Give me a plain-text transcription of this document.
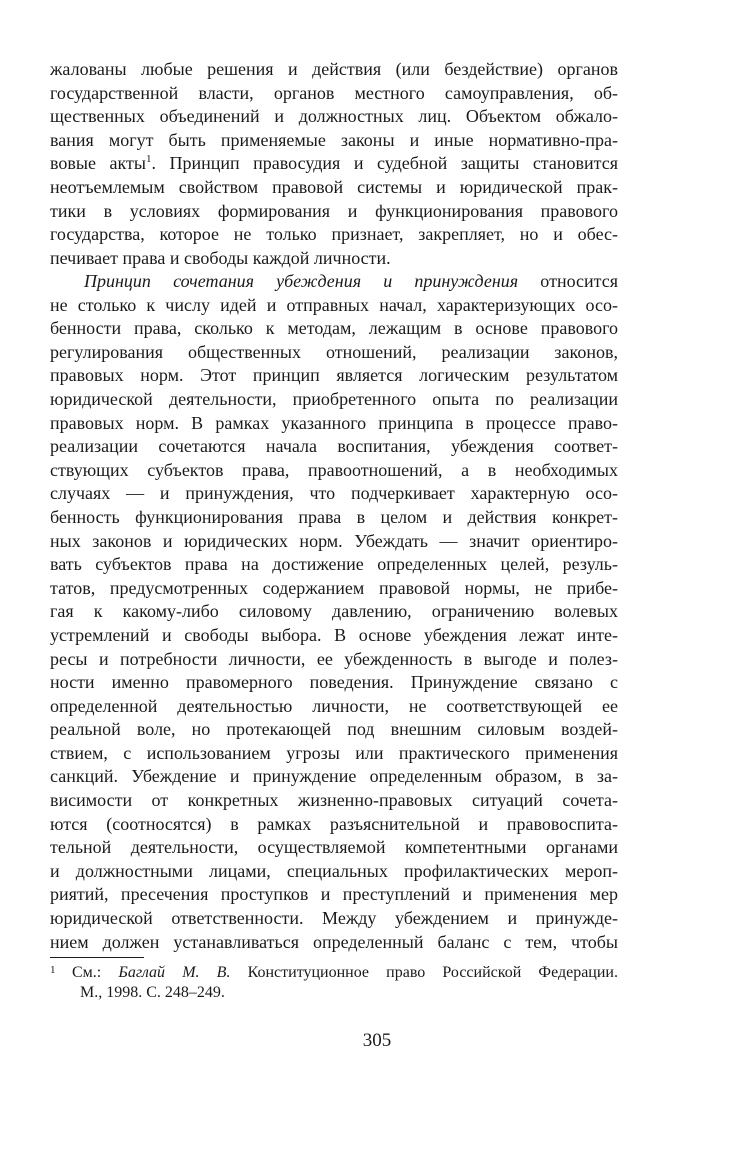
жалованы любые решения и действия (или бездействие) органов
государственной власти, органов местного самоуправления, об-
щественных объединений и должностных лиц. Объектом обжало-
вания могут быть применяемые законы и иные нормативно-пра-
вовые акты$^1$. Принцип правосудия и судебной защиты становится
неотъемлемым свойством правовой системы и юридической прак-
тики в условиях формирования и функционирования правового
государства, которое не только признает, закрепляет, но и обес-
печивает права и свободы каждой личности.
Принцип сочетания убеждения и принуждения относится
не столько к числу идей и отправных начал, характеризующих осо-
бенности права, сколько к методам, лежащим в основе правового
регулирования общественных отношений, реализации законов,
правовых норм. Этот принцип является логическим результатом
юридической деятельности, приобретенного опыта по реализации
правовых норм. В рамках указанного принципа в процессе право-
реализации сочетаются начала воспитания, убеждения соответ-
ствующих субъектов права, правоотношений, а в необходимых
случаях — и принуждения, что подчеркивает характерную осо-
бенность функционирования права в целом и действия конкрет-
ных законов и юридических норм. Убеждать — значит ориентиро-
вать субъектов права на достижение определенных целей, резуль-
татов, предусмотренных содержанием правовой нормы, не прибе-
гая к какому-либо силовому давлению, ограничению волевых
устремлений и свободы выбора. В основе убеждения лежат инте-
ресы и потребности личности, ее убежденность в выгоде и полез-
ности именно правомерного поведения. Принуждение связано с
определенной деятельностью личности, не соответствующей ее
реальной воле, но протекающей под внешним силовым воздей-
ствием, с использованием угрозы или практического применения
санкций. Убеждение и принуждение определенным образом, в за-
висимости от конкретных жизненно-правовых ситуаций сочета-
ются (соотносятся) в рамках разъяснительной и правовоспита-
тельной деятельности, осуществляемой компетентными органами
и должностными лицами, специальных профилактических мероп-
риятий, пресечения проступков и преступлений и применения мер
юридической ответственности. Между убеждением и принужде-
нием должен устанавливаться определенный баланс с тем, чтобы
1 См.: Баглай М. В. Конституционное право Российской Федерации.
М., 1998. С. 248–249.
305
